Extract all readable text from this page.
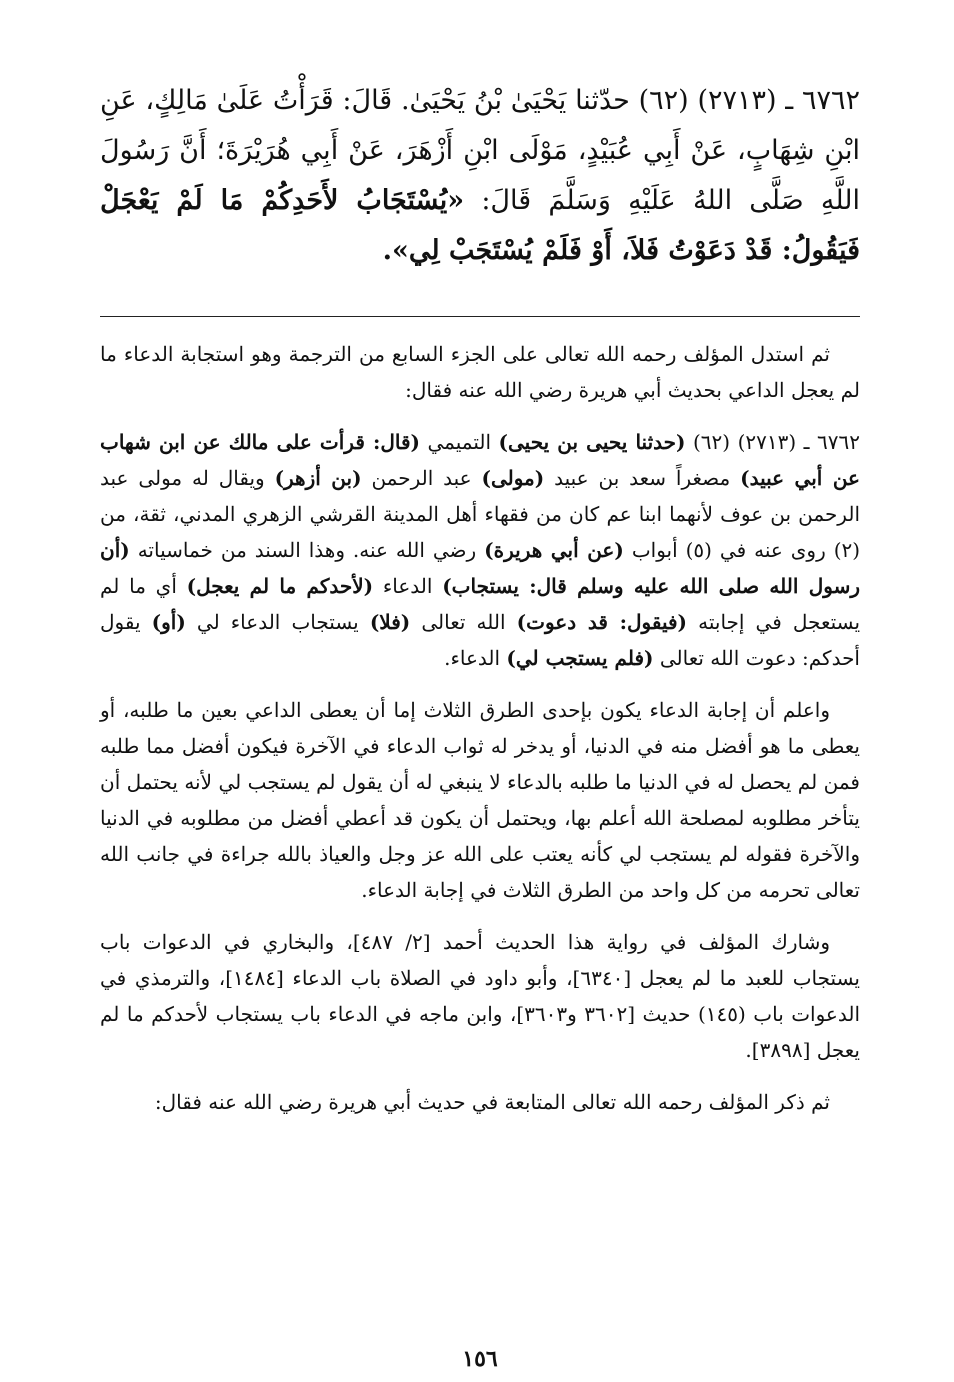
٦٧٦٢ ـ (٢٧١٣) (٦٢) حدّثنا يَحْيَىٰ بْنُ يَحْيَىٰ. قَالَ: قَرَأْتُ عَلَىٰ مَالِكٍ، عَنِ ابْنِ شِهَابٍ، عَنْ أَبِي عُبَيْدٍ، مَوْلَى ابْنِ أَزْهَرَ، عَنْ أَبِي هُرَيْرَةَ؛ أَنَّ رَسُولَ اللَّهِ صَلَّى اللهُ عَلَيْهِ وَسَلَّمَ قَالَ: «يُسْتَجَابُ لأَحَدِكُمْ مَا لَمْ يَعْجَلْ فَيَقُولُ: قَدْ دَعَوْتُ فَلاَ، أَوْ فَلَمْ يُسْتَجَبْ لِي».

ثم استدل المؤلف رحمه الله تعالى على الجزء السابع من الترجمة وهو استجابة الدعاء ما لم يعجل الداعي بحديث أبي هريرة رضي الله عنه فقال:

٦٧٦٢ ـ (٢٧١٣) (٦٢) (حدثنا يحيى بن يحيى) التميمي (قال: قرأت على مالك عن ابن شهاب عن أبي عبيد) مصغراً سعد بن عبيد (مولى) عبد الرحمن (بن أزهر) ويقال له مولى عبد الرحمن بن عوف لأنهما ابنا عم كان من فقهاء أهل المدينة القرشي الزهري المدني، ثقة، من (٢) روى عنه في (٥) أبواب (عن أبي هريرة) رضي الله عنه. وهذا السند من خماسياته (أن رسول الله صلى الله عليه وسلم قال: يستجاب) الدعاء (لأحدكم ما لم يعجل) أي ما لم يستعجل في إجابته (فيقول: قد دعوت) الله تعالى (فلا) يستجاب الدعاء لي (أو) يقول أحدكم: دعوت الله تعالى (فلم يستجب لي) الدعاء.

واعلم أن إجابة الدعاء يكون بإحدى الطرق الثلاث إما أن يعطى الداعي بعين ما طلبه، أو يعطى ما هو أفضل منه في الدنيا، أو يدخر له ثواب الدعاء في الآخرة فيكون أفضل مما طلبه فمن لم يحصل له في الدنيا ما طلبه بالدعاء لا ينبغي له أن يقول لم يستجب لي لأنه يحتمل أن يتأخر مطلوبه لمصلحة الله أعلم بها، ويحتمل أن يكون قد أعطي أفضل من مطلوبه في الدنيا والآخرة فقوله لم يستجب لي كأنه يعتب على الله عز وجل والعياذ بالله جراءة في جانب الله تعالى تحرمه من كل واحد من الطرق الثلاث في إجابة الدعاء.

وشارك المؤلف في رواية هذا الحديث أحمد [٢/ ٤٨٧]، والبخاري في الدعوات باب يستجاب للعبد ما لم يعجل [٦٣٤٠]، وأبو داود في الصلاة باب الدعاء [١٤٨٤]، والترمذي في الدعوات باب (١٤٥) حديث [٣٦٠٢ و٣٦٠٣]، وابن ماجه في الدعاء باب يستجاب لأحدكم ما لم يعجل [٣٨٩٨].

ثم ذكر المؤلف رحمه الله تعالى المتابعة في حديث أبي هريرة رضي الله عنه فقال:

١٥٦
